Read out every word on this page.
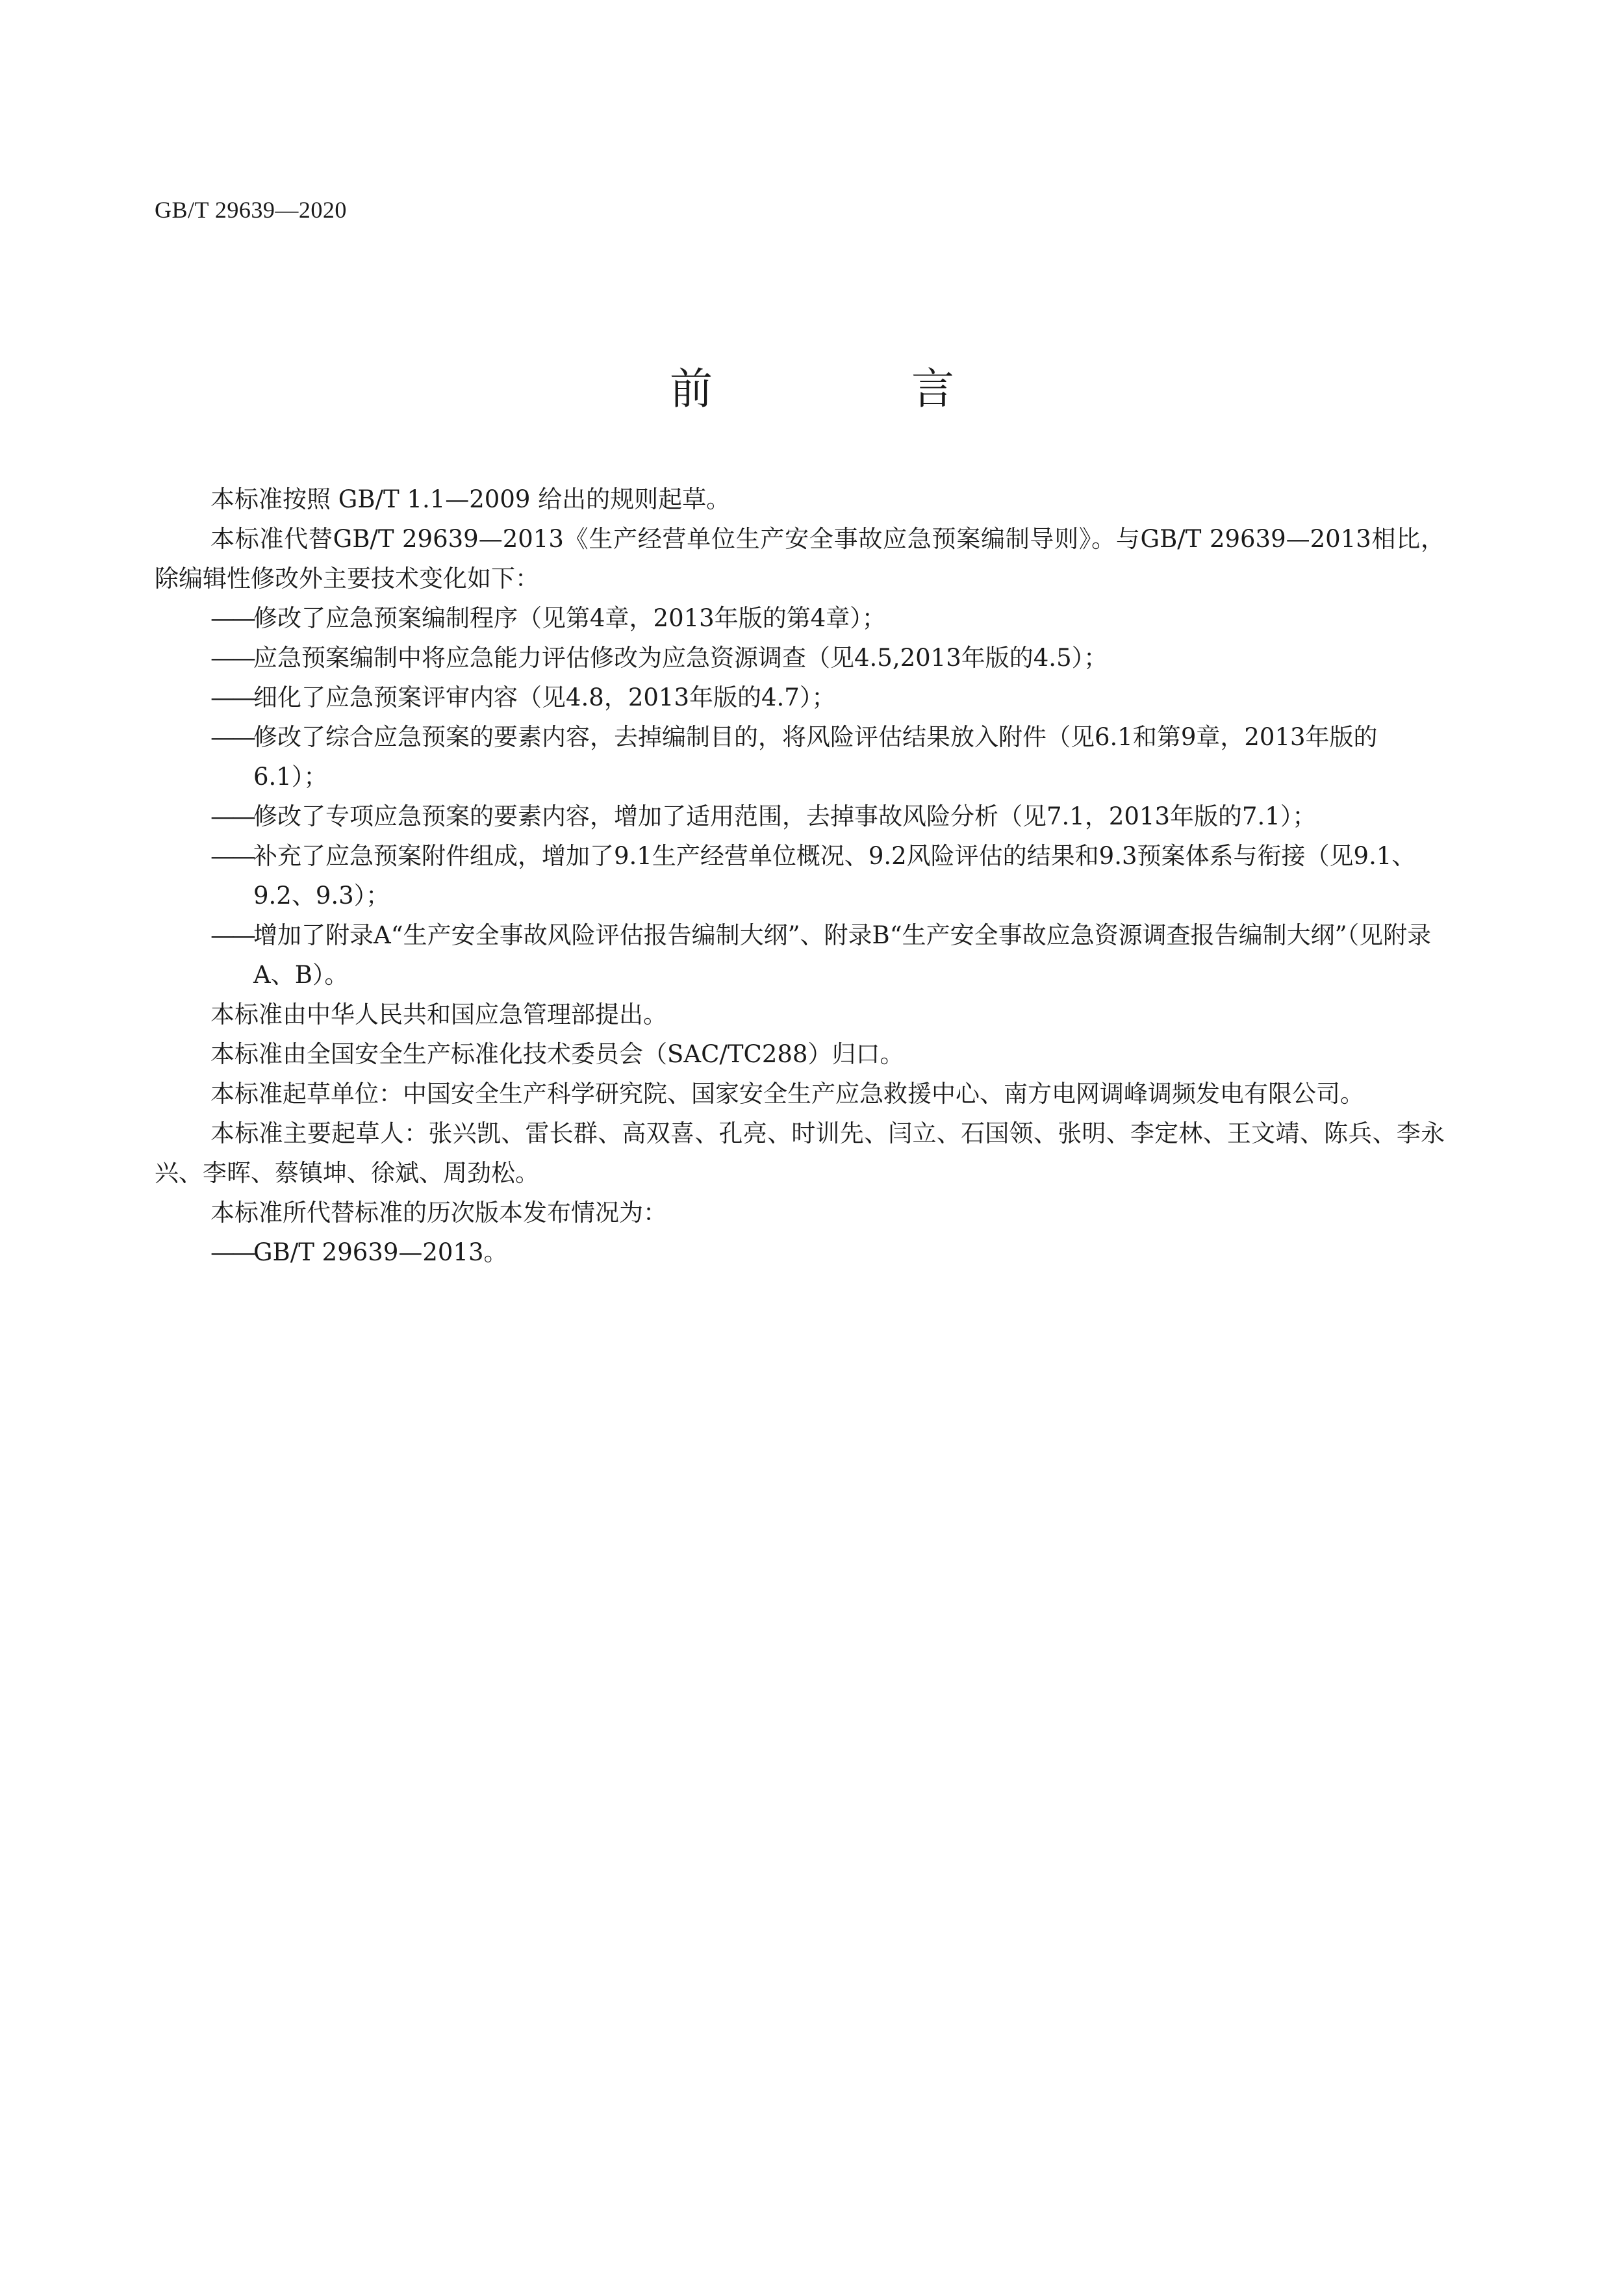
GB/T 29639—2020
前　言

本标准按照 GB/T 1.1—2009 给出的规则起草。

本标准代替GB/T 29639—2013《生产经营单位生产安全事故应急预案编制导则》。与GB/T 29639—2013相比，除编辑性修改外主要技术变化如下：

——修改了应急预案编制程序（见第4章，2013年版的第4章）；

——应急预案编制中将应急能力评估修改为应急资源调查（见4.5,2013年版的4.5）；

——细化了应急预案评审内容（见4.8，2013年版的4.7）；

——修改了综合应急预案的要素内容，去掉编制目的，将风险评估结果放入附件（见6.1和第9章，2013年版的6.1）；

——修改了专项应急预案的要素内容，增加了适用范围，去掉事故风险分析（见7.1，2013年版的7.1）；

——补充了应急预案附件组成，增加了9.1生产经营单位概况、9.2风险评估的结果和9.3预案体系与衔接（见9.1、9.2、9.3）；

——增加了附录A“生产安全事故风险评估报告编制大纲”、附录B“生产安全事故应急资源调查报告编制大纲”（见附录A、B）。

本标准由中华人民共和国应急管理部提出。

本标准由全国安全生产标准化技术委员会（SAC/TC288）归口。

本标准起草单位：中国安全生产科学研究院、国家安全生产应急救援中心、南方电网调峰调频发电有限公司。

本标准主要起草人：张兴凯、雷长群、高双喜、孔亮、时训先、闫立、石国领、张明、李定林、王文靖、陈兵、李永兴、李晖、蔡镇坤、徐斌、周劲松。

本标准所代替标准的历次版本发布情况为：

——GB/T 29639—2013。
